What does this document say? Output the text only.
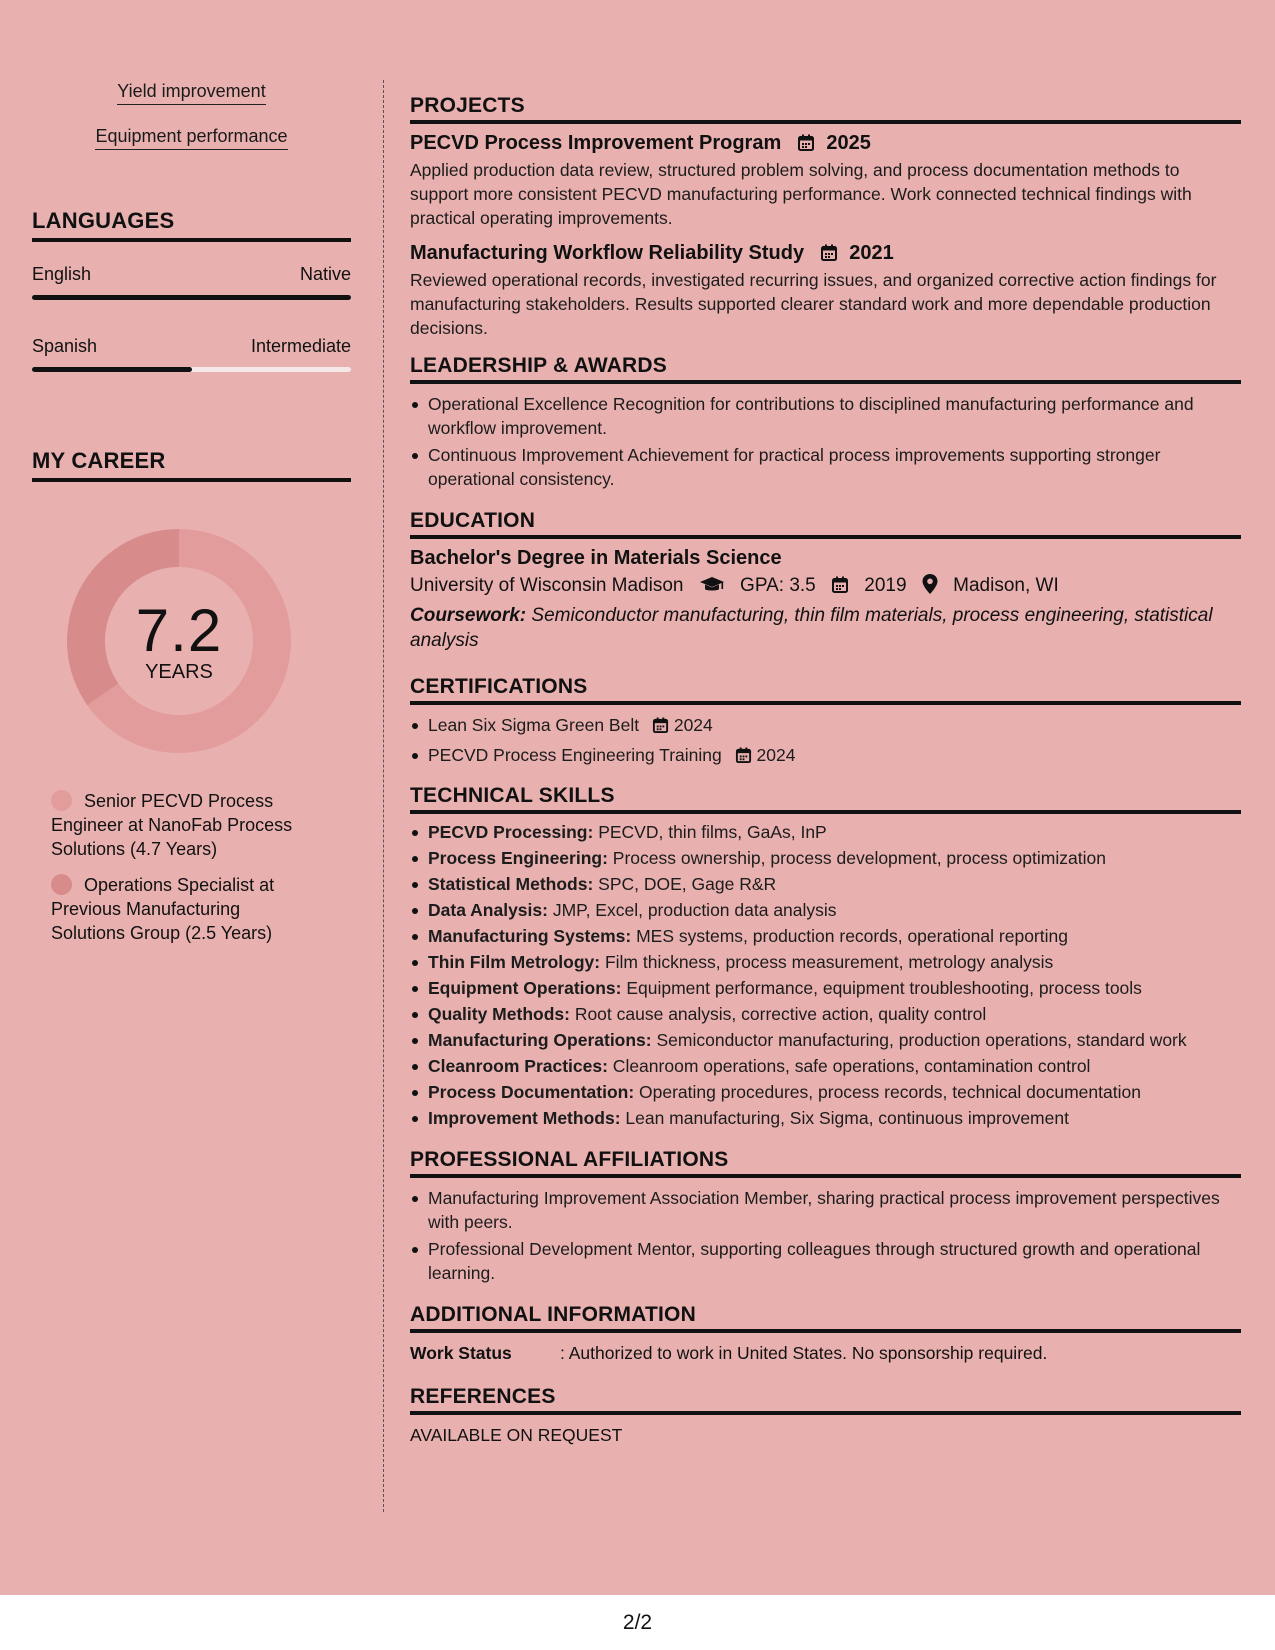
Yield improvement
Equipment performance
LANGUAGES
English	Native
Spanish	Intermediate
MY CAREER
7.2
YEARS
Senior PECVD Process Engineer at NanoFab Process Solutions (4.7 Years)
Operations Specialist at Previous Manufacturing Solutions Group (2.5 Years)
PROJECTS
PECVD Process Improvement Program 2025
Applied production data review, structured problem solving, and process documentation methods to support more consistent PECVD manufacturing performance. Work connected technical findings with practical operating improvements.
Manufacturing Workflow Reliability Study 2021
Reviewed operational records, investigated recurring issues, and organized corrective action findings for manufacturing stakeholders. Results supported clearer standard work and more dependable production decisions.
LEADERSHIP & AWARDS
Operational Excellence Recognition for contributions to disciplined manufacturing performance and workflow improvement.
Continuous Improvement Achievement for practical process improvements supporting stronger operational consistency.
EDUCATION
Bachelor's Degree in Materials Science
University of Wisconsin Madison	GPA: 3.5	2019 Madison, WI
Coursework: Semiconductor manufacturing, thin film materials, process engineering, statistical analysis
CERTIFICATIONS
Lean Six Sigma Green Belt 2024
PECVD Process Engineering Training 2024
TECHNICAL SKILLS
PECVD Processing: PECVD, thin films, GaAs, InP
Process Engineering: Process ownership, process development, process optimization
Statistical Methods: SPC, DOE, Gage R&R
Data Analysis: JMP, Excel, production data analysis
Manufacturing Systems: MES systems, production records, operational reporting
Thin Film Metrology: Film thickness, process measurement, metrology analysis
Equipment Operations: Equipment performance, equipment troubleshooting, process tools
Quality Methods: Root cause analysis, corrective action, quality control
Manufacturing Operations: Semiconductor manufacturing, production operations, standard work
Cleanroom Practices: Cleanroom operations, safe operations, contamination control
Process Documentation: Operating procedures, process records, technical documentation
Improvement Methods: Lean manufacturing, Six Sigma, continuous improvement
PROFESSIONAL AFFILIATIONS
Manufacturing Improvement Association Member, sharing practical process improvement perspectives with peers.
Professional Development Mentor, supporting colleagues through structured growth and operational learning.
ADDITIONAL INFORMATION
Work Status	: Authorized to work in United States. No sponsorship required.
REFERENCES
AVAILABLE ON REQUEST
2/2
